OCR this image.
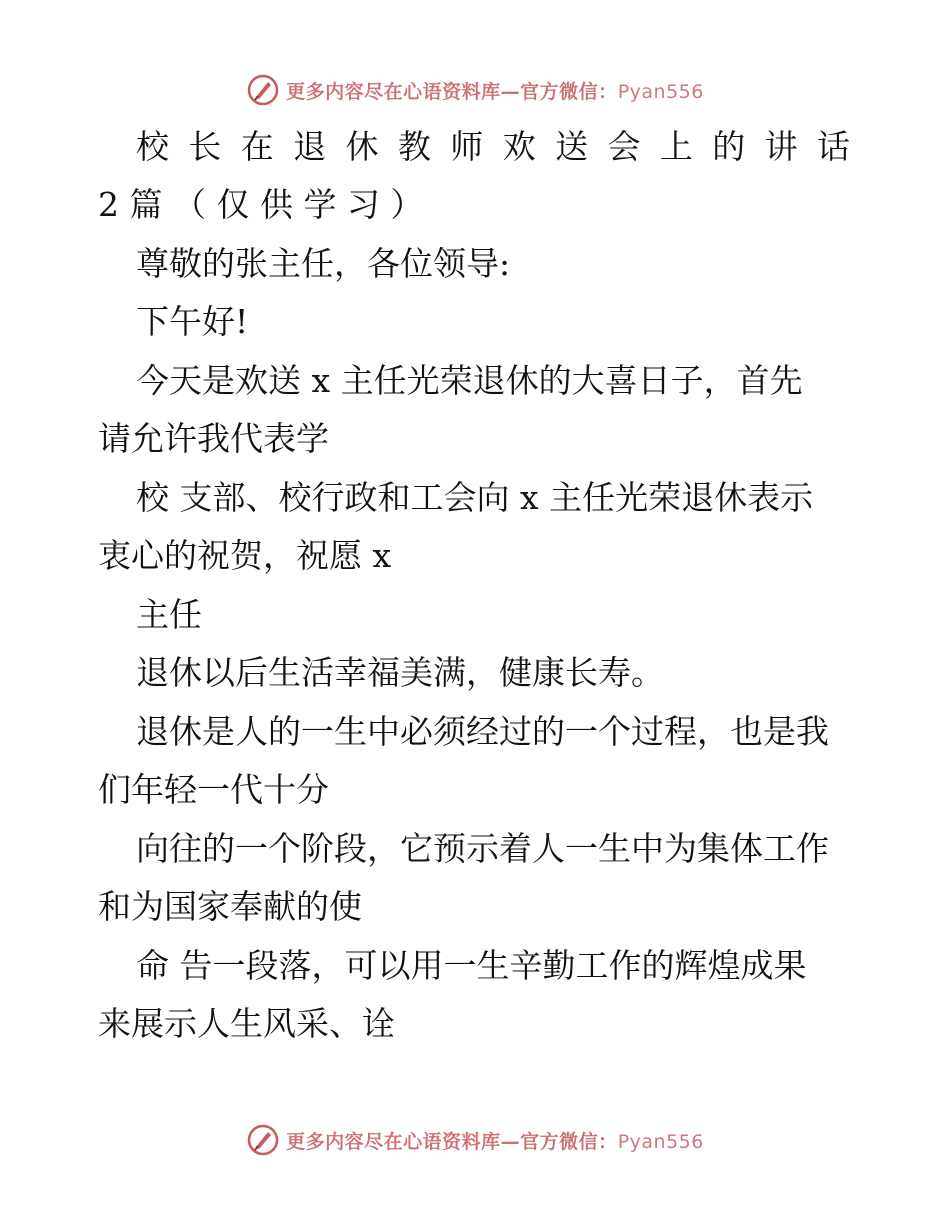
更多内容尽在心语资料库—官方微信：Pyan556
校 长 在 退 休 教 师 欢 送 会 上 的 讲 话
2 篇 （ 仅 供 学 习 ）
尊敬的张主任，各位领导:
下午好!
今天是欢送 x 主任光荣退休的大喜日子，首先
请允许我代表学
校 支部、校行政和工会向 x 主任光荣退休表示
衷心的祝贺，祝愿 x
主任
退休以后生活幸福美满，健康长寿。
退休是人的一生中必须经过的一个过程，也是我
们年轻一代十分
向往的一个阶段，它预示着人一生中为集体工作
和为国家奉献的使
命 告一段落，可以用一生辛勤工作的辉煌成果
来展示人生风采、诠
更多内容尽在心语资料库—官方微信：Pyan556
